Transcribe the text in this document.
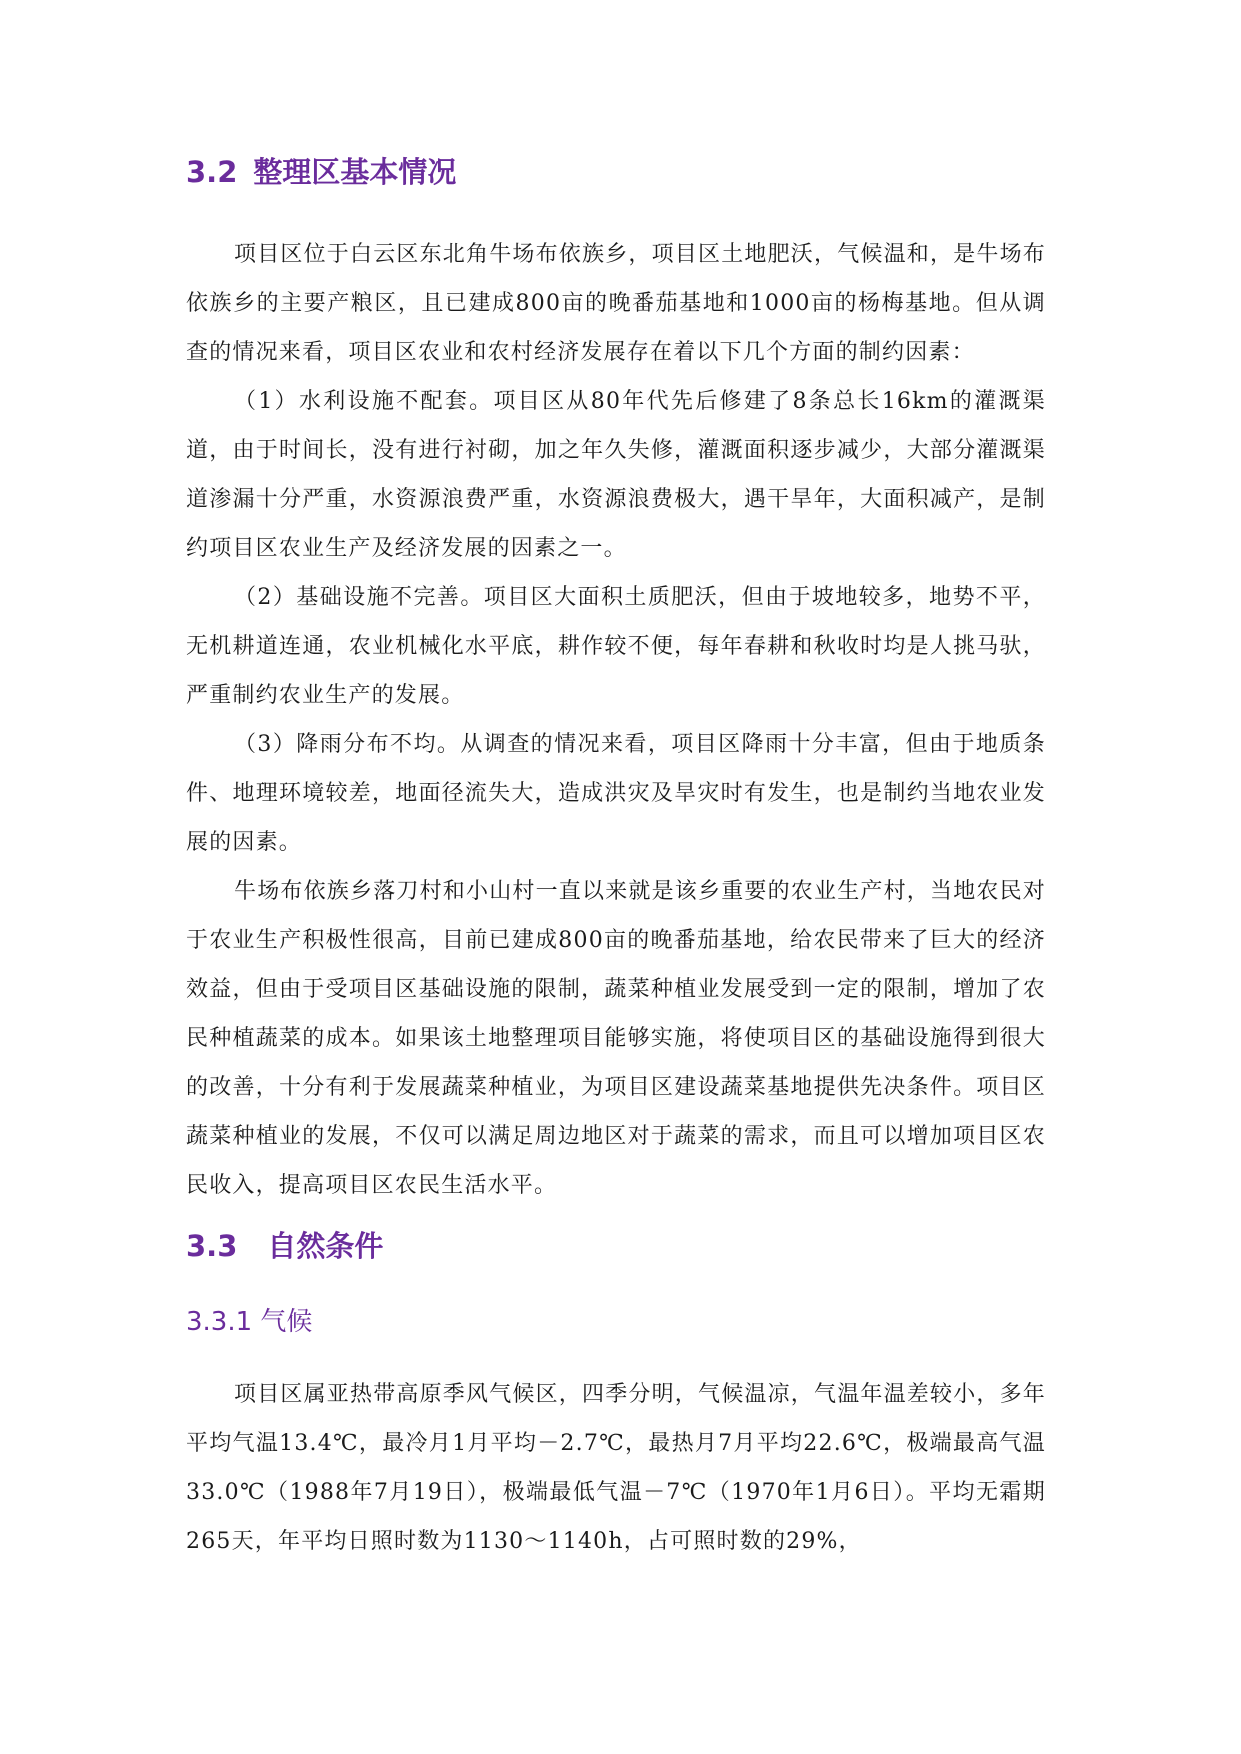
3.2 整理区基本情况

项目区位于白云区东北角牛场布依族乡，项目区土地肥沃，气候温和，是牛场布依族乡的主要产粮区，且已建成800亩的晚番茄基地和1000亩的杨梅基地。但从调查的情况来看，项目区农业和农村经济发展存在着以下几个方面的制约因素：

（1）水利设施不配套。项目区从80年代先后修建了8条总长16km的灌溉渠道，由于时间长，没有进行衬砌，加之年久失修，灌溉面积逐步减少，大部分灌溉渠道渗漏十分严重，水资源浪费严重，水资源浪费极大，遇干旱年，大面积减产，是制约项目区农业生产及经济发展的因素之一。

（2）基础设施不完善。项目区大面积土质肥沃，但由于坡地较多，地势不平，无机耕道连通，农业机械化水平底，耕作较不便，每年春耕和秋收时均是人挑马驮，严重制约农业生产的发展。

（3）降雨分布不均。从调查的情况来看，项目区降雨十分丰富，但由于地质条件、地理环境较差，地面径流失大，造成洪灾及旱灾时有发生，也是制约当地农业发展的因素。

牛场布依族乡落刀村和小山村一直以来就是该乡重要的农业生产村，当地农民对于农业生产积极性很高，目前已建成800亩的晚番茄基地，给农民带来了巨大的经济效益，但由于受项目区基础设施的限制，蔬菜种植业发展受到一定的限制，增加了农民种植蔬菜的成本。如果该土地整理项目能够实施，将使项目区的基础设施得到很大的改善，十分有利于发展蔬菜种植业，为项目区建设蔬菜基地提供先决条件。项目区蔬菜种植业的发展，不仅可以满足周边地区对于蔬菜的需求，而且可以增加项目区农民收入，提高项目区农民生活水平。

3.3 自然条件
3.3.1 气候

项目区属亚热带高原季风气候区，四季分明，气候温凉，气温年温差较小，多年平均气温13.4℃，最冷月1月平均－2.7℃，最热月7月平均22.6℃，极端最高气温33.0℃（1988年7月19日），极端最低气温－7℃（1970年1月6日）。平均无霜期265天，年平均日照时数为1130～1140h，占可照时数的29%，
